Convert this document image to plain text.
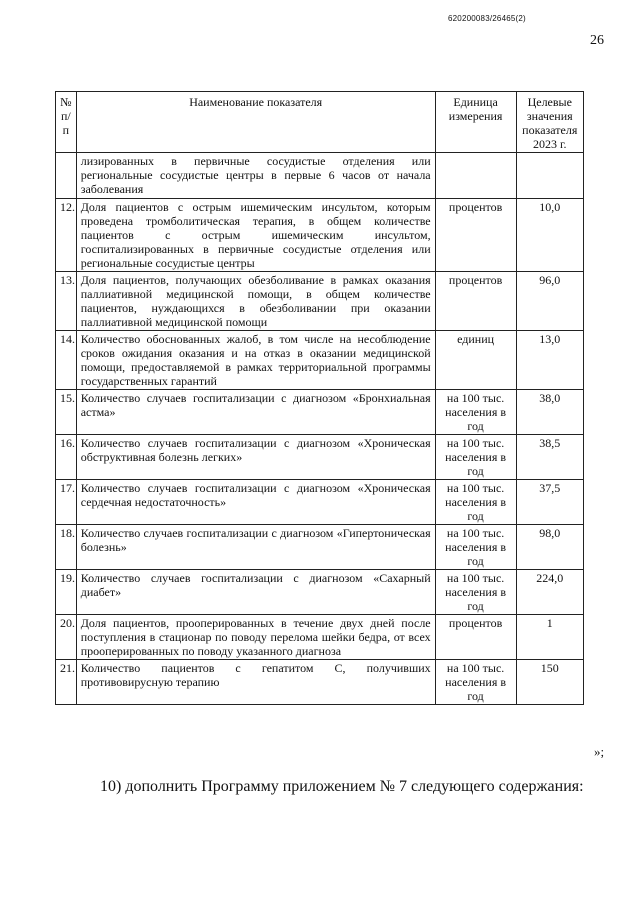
620200083/26465(2)
26
№ п/п	Наименование показателя	Единица измерения	Целевые значения показателя 2023 г.
	лизированных в первичные сосудистые отделения или региональные сосудистые центры в первые 6 часов от начала заболевания		
12.	Доля пациентов с острым ишемическим инсультом, которым проведена тромболитическая терапия, в общем количестве пациентов с острым ишемическим инсультом, госпитализированных в первичные сосудистые отделения или региональные сосудистые центры	процентов	10,0
13.	Доля пациентов, получающих обезболивание в рамках оказания паллиативной медицинской помощи, в общем количестве пациентов, нуждающихся в обезболивании при оказании паллиативной медицинской помощи	процентов	96,0
14.	Количество обоснованных жалоб, в том числе на несоблюдение сроков ожидания оказания и на отказ в оказании медицинской помощи, предоставляемой в рамках территориальной программы государственных гарантий	единиц	13,0
15.	Количество случаев госпитализации с диагнозом «Бронхиальная астма»	на 100 тыс. населения в год	38,0
16.	Количество случаев госпитализации с диагнозом «Хроническая обструктивная болезнь легких»	на 100 тыс. населения в год	38,5
17.	Количество случаев госпитализации с диагнозом «Хроническая сердечная недостаточность»	на 100 тыс. населения в год	37,5
18.	Количество случаев госпитализации с диагнозом «Гипертоническая болезнь»	на 100 тыс. населения в год	98,0
19.	Количество случаев госпитализации с диагнозом «Сахарный диабет»	на 100 тыс. населения в год	224,0
20.	Доля пациентов, прооперированных в течение двух дней после поступления в стационар по поводу перелома шейки бедра, от всех прооперированных по поводу указанного диагноза	процентов	1
21.	Количество пациентов с гепатитом С, получивших противовирусную терапию	на 100 тыс. населения в год	150
»;
10) дополнить Программу приложением № 7 следующего содержания:
